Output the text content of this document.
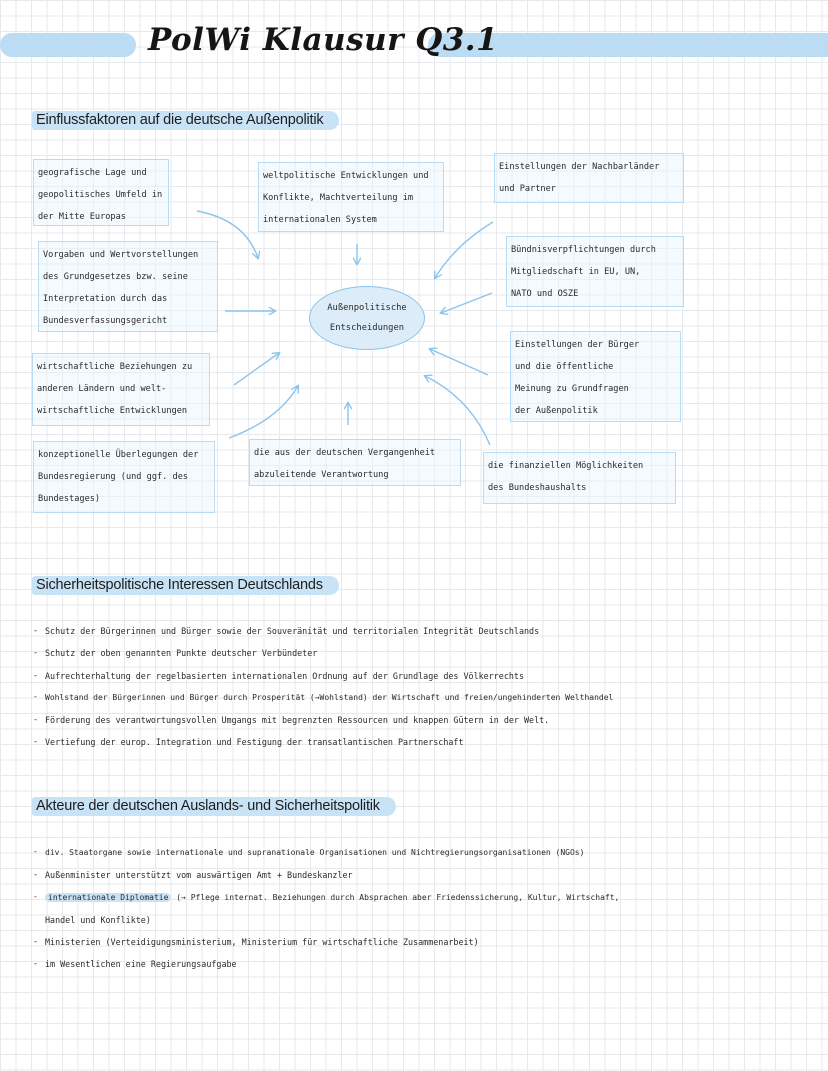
PolWi Klausur Q3.1
Einflussfaktoren auf die deutsche Außenpolitik
geografische Lage und
geopolitisches Umfeld in
der Mitte Europas
weltpolitische Entwicklungen und
Konflikte, Machtverteilung im
internationalen System
Einstellungen der Nachbarländer
und Partner
Vorgaben und Wertvorstellungen
des Grundgesetzes bzw. seine
Interpretation durch das
Bundesverfassungsgericht
Außenpolitische
Entscheidungen
Bündnisverpflichtungen durch
Mitgliedschaft in EU, UN,
NATO und OSZE
wirtschaftliche Beziehungen zu
anderen Ländern und welt-
wirtschaftliche Entwicklungen
Einstellungen der Bürger
und die öffentliche
Meinung zu Grundfragen
der Außenpolitik
konzeptionelle Überlegungen der
Bundesregierung (und ggf. des
Bundestages)
die aus der deutschen Vergangenheit
abzuleitende Verantwortung
die finanziellen Möglichkeiten
des Bundeshaushalts
Sicherheitspolitische Interessen Deutschlands
- Schutz der Bürgerinnen und Bürger sowie der Souveränität und territorialen Integrität Deutschlands
- Schutz der oben genannten Punkte deutscher Verbündeter
- Aufrechterhaltung der regelbasierten internationalen Ordnung auf der Grundlage des Völkerrechts
- Wohlstand der Bürgerinnen und Bürger durch Prosperität (→Wohlstand) der Wirtschaft und freien/ungehinderten Welthandel
- Förderung des verantwortungsvollen Umgangs mit begrenzten Ressourcen und knappen Gütern in der Welt.
- Vertiefung der europ. Integration und Festigung der transatlantischen Partnerschaft
Akteure der deutschen Auslands- und Sicherheitspolitik
- div. Staatorgane sowie internationale und supranationale Organisationen und Nichtregierungsorganisationen (NGOs)
- Außenminister unterstützt vom auswärtigen Amt + Bundeskanzler
- internationale Diplomatie (→ Pflege internat. Beziehungen durch Absprachen aber Friedenssicherung, Kultur, Wirtschaft,
Handel und Konflikte)
- Ministerien (Verteidigungsministerium, Ministerium für wirtschaftliche Zusammenarbeit)
- im Wesentlichen eine Regierungsaufgabe
